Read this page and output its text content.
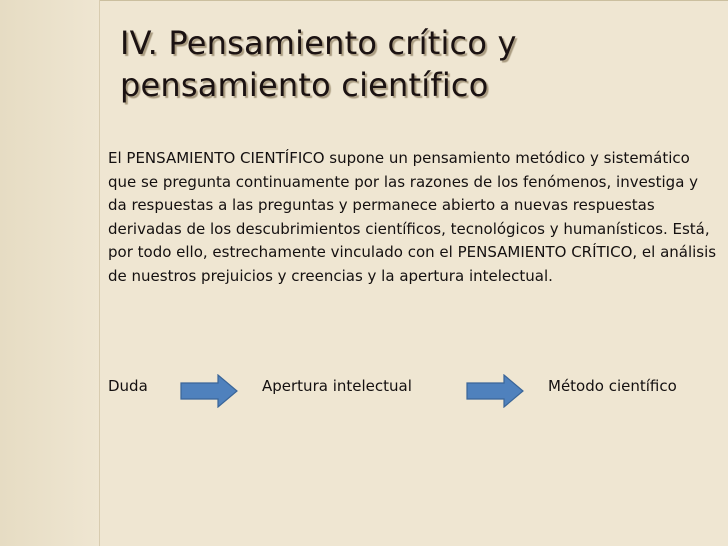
IV. Pensamiento crítico y
pensamiento científico
El PENSAMIENTO CIENTÍFICO supone un pensamiento metódico y sistemático que se pregunta continuamente por las razones de los fenómenos, investiga y da respuestas a las preguntas y permanece abierto a nuevas respuestas derivadas de los descubrimientos científicos, tecnológicos y humanísticos. Está, por todo ello, estrechamente vinculado con el PENSAMIENTO CRÍTICO, el análisis de nuestros prejuicios y creencias y la apertura intelectual.
Duda	Apertura intelectual	Método científico
